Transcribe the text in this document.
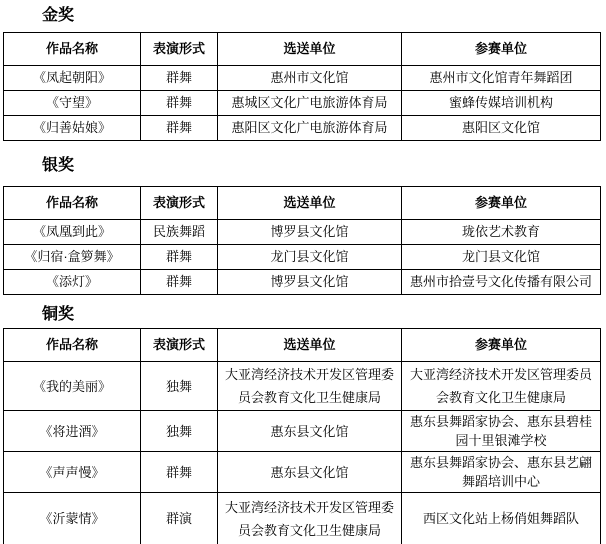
金奖
作品名称	表演形式	选送单位	参赛单位
《凤起朝阳》	群舞	惠州市文化馆	惠州市文化馆青年舞蹈团
《守望》	群舞	惠城区文化广电旅游体育局	蜜蜂传媒培训机构
《归善姑娘》	群舞	惠阳区文化广电旅游体育局	惠阳区文化馆
银奖
作品名称	表演形式	选送单位	参赛单位
《凤凰到此》	民族舞蹈	博罗县文化馆	珑依艺术教育
《归宿·盒箩舞》	群舞	龙门县文化馆	龙门县文化馆
《添灯》	群舞	博罗县文化馆	惠州市拾壹号文化传播有限公司
铜奖
作品名称	表演形式	选送单位	参赛单位
《我的美丽》	独舞	大亚湾经济技术开发区管理委员会教育文化卫生健康局	大亚湾经济技术开发区管理委员会教育文化卫生健康局
《将进酒》	独舞	惠东县文化馆	惠东县舞蹈家协会、惠东县碧桂园十里银滩学校
《声声慢》	群舞	惠东县文化馆	惠东县舞蹈家协会、惠东县艺翩舞蹈培训中心
《沂蒙情》	群演	大亚湾经济技术开发区管理委员会教育文化卫生健康局	西区文化站上杨俏姐舞蹈队
